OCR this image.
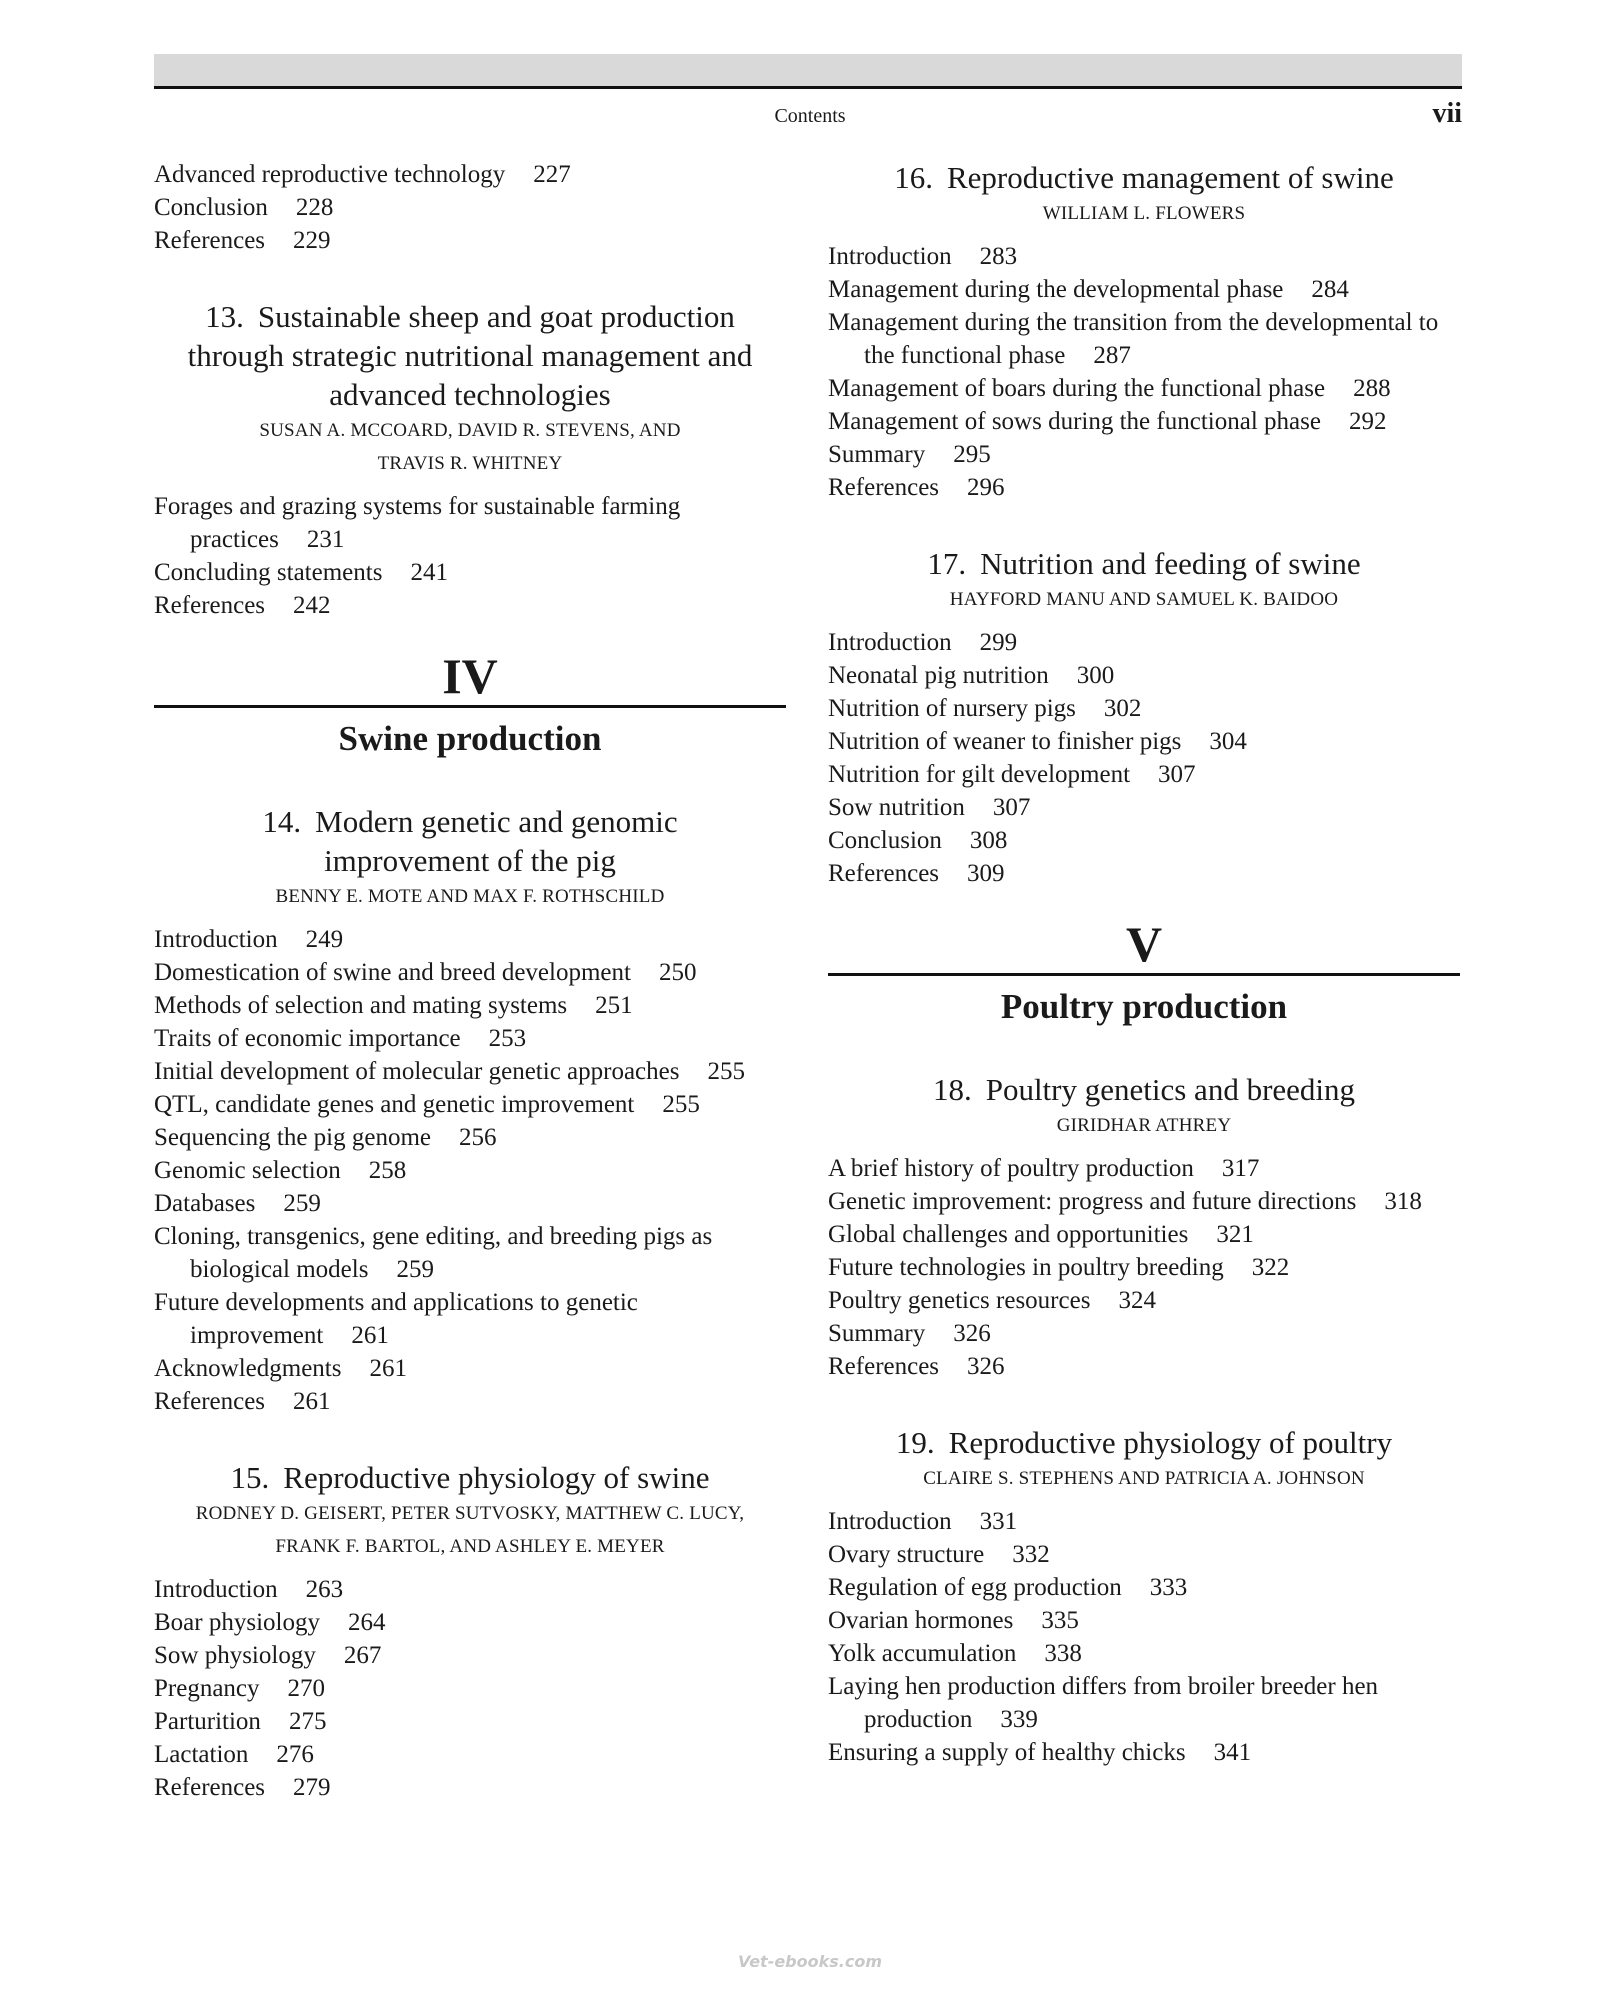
Contents	vii
Advanced reproductive technology 227
Conclusion 228
References 229
13. Sustainable sheep and goat production through strategic nutritional management and advanced technologies
SUSAN A. MCCOARD, DAVID R. STEVENS, AND
TRAVIS R. WHITNEY
Forages and grazing systems for sustainable farming practices 231
Concluding statements 241
References 242
IV
Swine production
14. Modern genetic and genomic
improvement of the pig
BENNY E. MOTE AND MAX F. ROTHSCHILD
Introduction 249
Domestication of swine and breed development 250
Methods of selection and mating systems 251
Traits of economic importance 253
Initial development of molecular genetic approaches 255
QTL, candidate genes and genetic improvement 255
Sequencing the pig genome 256
Genomic selection 258
Databases 259
Cloning, transgenics, gene editing, and breeding pigs as biological models 259
Future developments and applications to genetic improvement 261
Acknowledgments 261
References 261
15. Reproductive physiology of swine
RODNEY D. GEISERT, PETER SUTVOSKY, MATTHEW C. LUCY,
FRANK F. BARTOL, AND ASHLEY E. MEYER
Introduction 263
Boar physiology 264
Sow physiology 267
Pregnancy 270
Parturition 275
Lactation 276
References 279
16. Reproductive management of swine
WILLIAM L. FLOWERS
Introduction 283
Management during the developmental phase 284
Management during the transition from the developmental to the functional phase 287
Management of boars during the functional phase 288
Management of sows during the functional phase 292
Summary 295
References 296
17. Nutrition and feeding of swine
HAYFORD MANU AND SAMUEL K. BAIDOO
Introduction 299
Neonatal pig nutrition 300
Nutrition of nursery pigs 302
Nutrition of weaner to finisher pigs 304
Nutrition for gilt development 307
Sow nutrition 307
Conclusion 308
References 309
V
Poultry production
18. Poultry genetics and breeding
GIRIDHAR ATHREY
A brief history of poultry production 317
Genetic improvement: progress and future directions 318
Global challenges and opportunities 321
Future technologies in poultry breeding 322
Poultry genetics resources 324
Summary 326
References 326
19. Reproductive physiology of poultry
CLAIRE S. STEPHENS AND PATRICIA A. JOHNSON
Introduction 331
Ovary structure 332
Regulation of egg production 333
Ovarian hormones 335
Yolk accumulation 338
Laying hen production differs from broiler breeder hen production 339
Ensuring a supply of healthy chicks 341
Vet-ebooks.com
